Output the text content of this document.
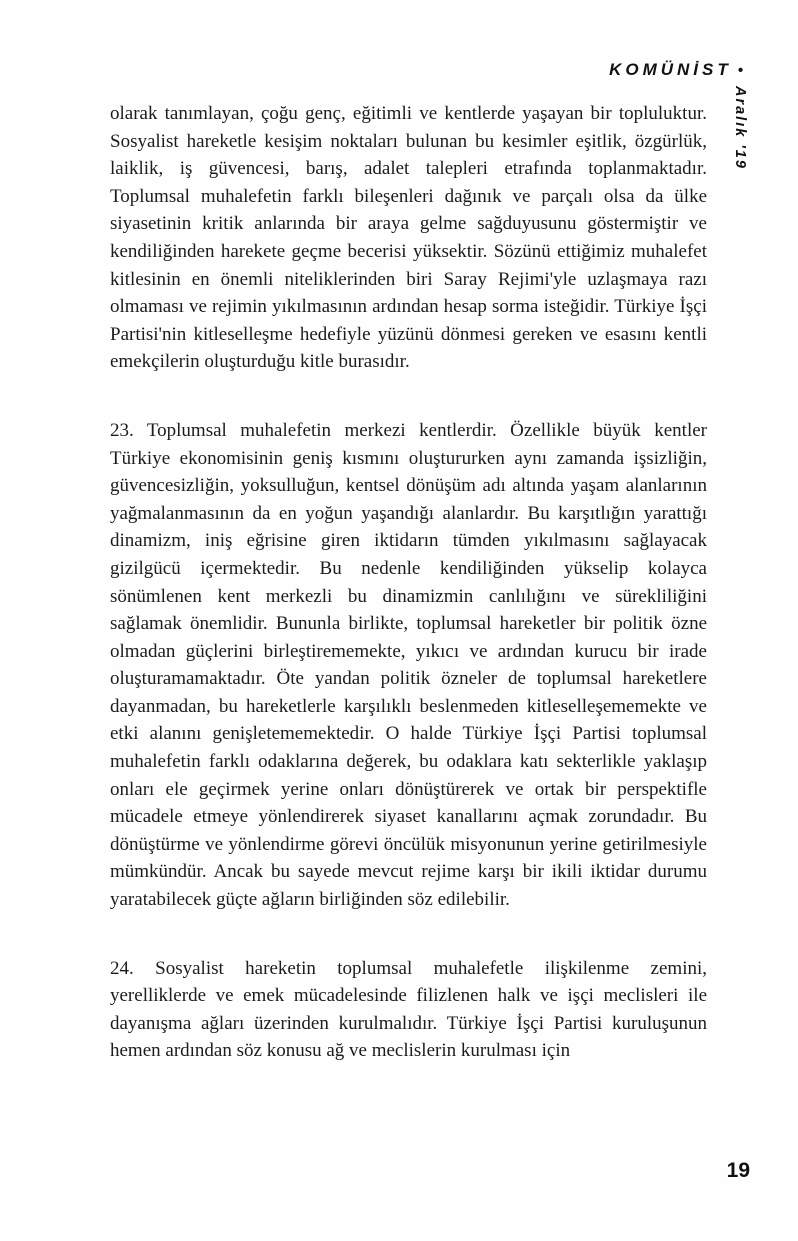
KOMÜNİST •
Aralık '19

olarak tanımlayan, çoğu genç, eğitimli ve kentlerde yaşayan bir topluluktur. Sosyalist hareketle kesişim noktaları bulunan bu kesimler eşitlik, özgürlük, laiklik, iş güvencesi, barış, adalet talepleri etrafında toplanmaktadır. Toplumsal muhalefetin farklı bileşenleri dağınık ve parçalı olsa da ülke siyasetinin kritik anlarında bir araya gelme sağduyusunu göstermiştir ve kendiliğinden harekete geçme becerisi yüksektir. Sözünü ettiğimiz muhalefet kitlesinin en önemli niteliklerinden biri Saray Rejimi'yle uzlaşmaya razı olmaması ve rejimin yıkılmasının ardından hesap sorma isteğidir. Türkiye İşçi Partisi'nin kitleselleşme hedefiyle yüzünü dönmesi gereken ve esasını kentli emekçilerin oluşturduğu kitle burasıdır.

23. Toplumsal muhalefetin merkezi kentlerdir. Özellikle büyük kentler Türkiye ekonomisinin geniş kısmını oluştururken aynı zamanda işsizliğin, güvencesizliğin, yoksulluğun, kentsel dönüşüm adı altında yaşam alanlarının yağmalanmasının da en yoğun yaşandığı alanlardır. Bu karşıtlığın yarattığı dinamizm, iniş eğrisine giren iktidarın tümden yıkılmasını sağlayacak gizilgücü içermektedir. Bu nedenle kendiliğinden yükselip kolayca sönümlenen kent merkezli bu dinamizmin canlılığını ve sürekliliğini sağlamak önemlidir. Bununla birlikte, toplumsal hareketler bir politik özne olmadan güçlerini birleştirememekte, yıkıcı ve ardından kurucu bir irade oluşturamamaktadır. Öte yandan politik özneler de toplumsal hareketlere dayanmadan, bu hareketlerle karşılıklı beslenmeden kitleselleşememekte ve etki alanını genişletememektedir. O halde Türkiye İşçi Partisi toplumsal muhalefetin farklı odaklarına değerek, bu odaklara katı sekterlikle yaklaşıp onları ele geçirmek yerine onları dönüştürerek ve ortak bir perspektifle mücadele etmeye yönlendirerek siyaset kanallarını açmak zorundadır. Bu dönüştürme ve yönlendirme görevi öncülük misyonunun yerine getirilmesiyle mümkündür. Ancak bu sayede mevcut rejime karşı bir ikili iktidar durumu yaratabilecek güçte ağların birliğinden söz edilebilir.

24. Sosyalist hareketin toplumsal muhalefetle ilişkilenme zemini, yerelliklerde ve emek mücadelesinde filizlenen halk ve işçi meclisleri ile dayanışma ağları üzerinden kurulmalıdır. Türkiye İşçi Partisi kuruluşunun hemen ardından söz konusu ağ ve meclislerin kurulması için

19
